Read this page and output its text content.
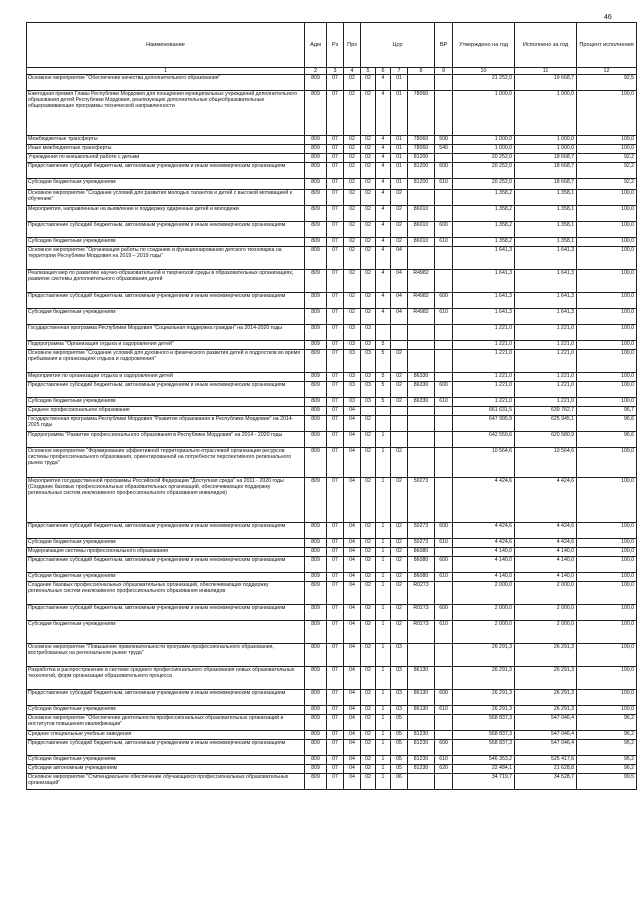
46
Наименование	Адм	Рз	Прз	Цср				ВР	Утверждено на год	Исполнено за год	Процент исполнения
1	2	3	4	5	6	7	8	9	10	11	12
Основное мероприятие "Обеспечение качества дополнительного образования"	809	07	02	02	4	01			21 252,0	19 668,7	92,5
Ежегодная премия Главы Республики Мордовия для поощрения муниципальных учреждений дополнительного образования детей Республики Мордовия, реализующих дополнительные общеобразовательные общеразвивающие программы технической направленности	809	07	02	02	4	01	78060		1 000,0	1 000,0	100,0
Межбюджетные трансферты	809	07	02	02	4	01	78060	500	1 000,0	1 000,0	100,0
Иные межбюджетные трансферты	809	07	02	02	4	01	78060	540	1 000,0	1 000,0	100,0
Учреждения по внешкольной работе с детьми	809	07	02	02	4	01	81200		20 252,0	18 668,7	92,2
Предоставление субсидий бюджетным, автономным учреждениям и иным некоммерческим организациям	809	07	02	02	4	01	81200	600	20 252,0	18 668,7	92,2
Субсидии бюджетным учреждениям	809	07	02	02	4	01	81200	610	20 252,0	18 668,7	92,2
Основное мероприятие "Создание условий для развития молодых талантов и детей с высокой мотивацией к обучению"	809	07	02	02	4	02			1 358,2	1 358,1	100,0
Мероприятия, направленные на выявление и поддержку одаренных детей и молодежи	809	07	02	02	4	02	86010		1 358,2	1 358,1	100,0
Предоставление субсидий бюджетным, автономным учреждениям и иным некоммерческим организациям	809	07	02	02	4	02	86010	600	1 358,2	1 358,1	100,0
Субсидии бюджетным учреждениям	809	07	02	02	4	02	86010	610	1 358,2	1 358,1	100,0
Основное мероприятие "Организация работы по созданию и функционированию детского технопарка на территории Республики Мордовия на 2019 – 2019 годы"	809	07	02	02	4	04			1 641,3	1 641,3	100,0
Реализация мер по развитию научно-образовательной и творческой среды в образовательных организациях, развитие системы дополнительного образования детей	809	07	02	02	4	04	R4982		1 641,3	1 641,3	100,0
Предоставление субсидий бюджетным, автономным учреждениям и иным некоммерческим организациям	809	07	02	02	4	04	R4982	600	1 641,3	1 641,3	100,0
Субсидии бюджетным учреждениям	809	07	02	02	4	04	R4982	610	1 641,3	1 641,3	100,0
Государственная программа Республики Мордовия "Социальная поддержка граждан" на 2014-2020 годы	809	07	03	03					1 221,0	1 221,0	100,0
Подпрограмма "Организация отдыха и оздоровления детей"	809	07	03	03	5				1 221,0	1 221,0	100,0
Основное мероприятие "Создание условий для духовного и физического развития детей и подростков во время пребывания в организациях отдыха и оздоровления"	809	07	03	03	5	02			1 221,0	1 221,0	100,0
Мероприятия по организации отдыха и оздоровления детей	809	07	03	03	5	02	86330		1 221,0	1 221,0	100,0
Предоставление субсидий бюджетным, автономным учреждениям и иным некоммерческим организациям	809	07	03	03	5	02	86330	600	1 221,0	1 221,0	100,0
Субсидии бюджетным учреждениям	809	07	03	03	5	02	86330	610	1 221,0	1 221,0	100,0
Среднее профессиональное образование	809	07	04						661 631,5	639 762,7	96,7
Государственная программа Республики Мордовия "Развитие образования в Республике Мордовия" на 2014-2025 годы	809	07	04	02					647 995,9	625 945,1	96,6
Подпрограмма "Развитие профессионального образования в Республике Мордовия" на 2014 - 2020 годы	809	07	04	02	1				642 559,6	620 580,9	96,6
Основное мероприятие "Формирование эффективной территориально-отраслевой организации ресурсов системы профессионального образования, ориентированной на потребности перспективного регионального рынка труда"	809	07	04	02	1	02			10 564,6	10 564,6	100,0
Мероприятия государственной программы Российской Федерации "Доступная среда" на 2011 - 2020 годы (Создание базовых профессиональных образовательных организаций, обеспечивающих поддержку региональных систем инклюзивного профессионального образования инвалидов)	809	07	04	02	1	02	50273		4 424,6	4 424,6	100,0
Предоставление субсидий бюджетным, автономным учреждениям и иным некоммерческим организациям	809	07	04	02	1	02	50273	600	4 424,6	4 424,6	100,0
Субсидии бюджетным учреждениям	809	07	04	02	1	02	50273	610	4 424,6	4 424,6	100,0
Модернизация системы профессионального образования	809	07	04	02	1	02	86080		4 140,0	4 140,0	100,0
Предоставление субсидий бюджетным, автономным учреждениям и иным некоммерческим организациям	809	07	04	02	1	02	86080	600	4 140,0	4 140,0	100,0
Субсидии бюджетным учреждениям	809	07	04	02	1	02	86080	610	4 140,0	4 140,0	100,0
Создание базовых профессиональных образовательных организаций, обеспечивающих поддержку региональных систем инклюзивного профессионального образования инвалидов	809	07	04	02	1	02	R0273		2 000,0	2 000,0	100,0
Предоставление субсидий бюджетным, автономным учреждениям и иным некоммерческим организациям	809	07	04	02	1	02	R0273	600	2 000,0	2 000,0	100,0
Субсидии бюджетным учреждениям	809	07	04	02	1	02	R0273	610	2 000,0	2 000,0	100,0
Основное мероприятие "Повышение привлекательности программ профессионального образования, востребованных на региональном рынке труда"	809	07	04	02	1	03			26 291,3	26 291,3	100,0
Разработка и распространение в системе среднего профессионального образования новых образовательных технологий, форм организации образовательного процесса	809	07	04	02	1	03	86130		26 291,3	26 291,3	100,0
Предоставление субсидий бюджетным, автономным учреждениям и иным некоммерческим организациям	809	07	04	02	1	03	86130	600	26 291,3	26 291,3	100,0
Субсидии бюджетным учреждениям	809	07	04	02	1	03	86130	610	26 291,3	26 291,3	100,0
Основное мероприятие "Обеспечение деятельности профессиональных образовательных организаций и институтов повышения квалификации"	809	07	04	02	1	05			568 837,3	547 046,4	96,2
Средние специальные учебные заведения	809	07	04	02	1	05	81230		568 837,3	547 046,4	96,2
Предоставление субсидий бюджетным, автономным учреждениям и иным некоммерческим организациям	809	07	04	02	1	05	81230	600	568 837,3	547 046,4	96,2
Субсидии бюджетным учреждениям	809	07	04	02	1	05	81230	610	546 353,2	525 417,6	96,2
Субсидии автономным учреждениям	809	07	04	02	1	05	81230	620	22 484,1	21 628,8	96,2
Основное мероприятие "Стипендиальное обеспечение обучающихся профессиональных образовательных организаций"	809	07	04	02	1	06			34 719,7	34 528,7	99,5
